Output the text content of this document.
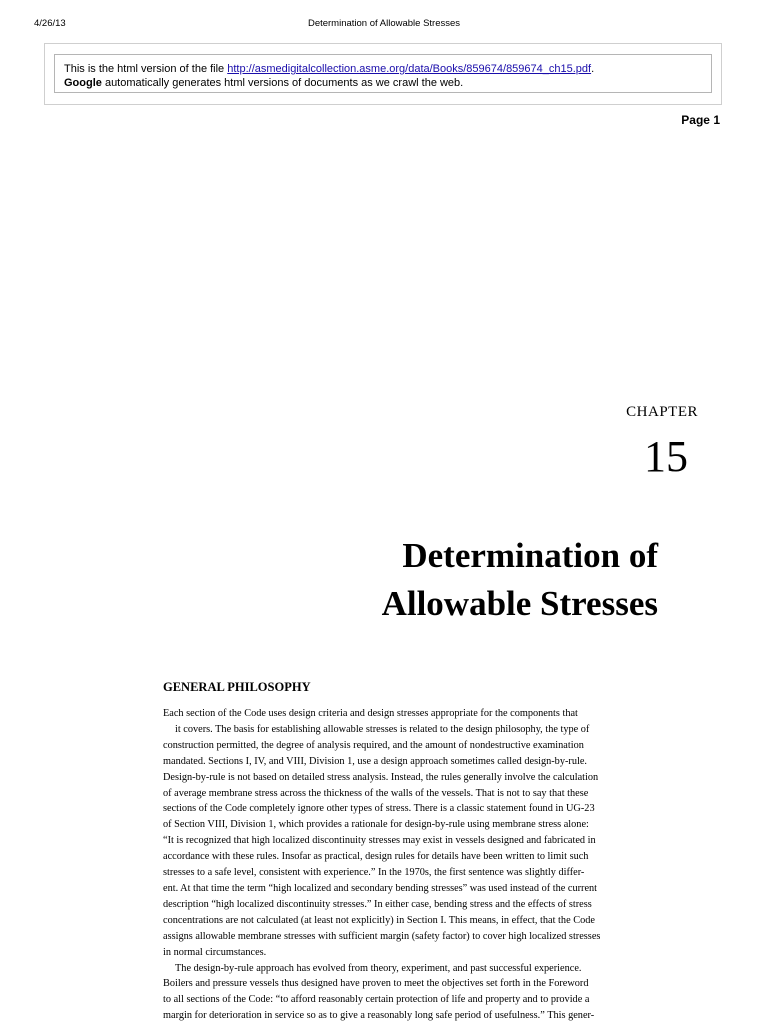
4/26/13	Determination of Allowable Stresses
This is the html version of the file http://asmedigitalcollection.asme.org/data/Books/859674/859674_ch15.pdf.
Google automatically generates html versions of documents as we crawl the web.
Page 1
CHAPTER
15
Determination of
Allowable Stresses
GENERAL PHILOSOPHY
Each section of the Code uses design criteria and design stresses appropriate for the components that
it covers. The basis for establishing allowable stresses is related to the design philosophy, the type of
construction permitted, the degree of analysis required, and the amount of nondestructive examination
mandated. Sections I, IV, and VIII, Division 1, use a design approach sometimes called design-by-rule.
Design-by-rule is not based on detailed stress analysis. Instead, the rules generally involve the calculation
of average membrane stress across the thickness of the walls of the vessels. That is not to say that these
sections of the Code completely ignore other types of stress. There is a classic statement found in UG-23
of Section VIII, Division 1, which provides a rationale for design-by-rule using membrane stress alone:
“It is recognized that high localized discontinuity stresses may exist in vessels designed and fabricated in
accordance with these rules. Insofar as practical, design rules for details have been written to limit such
stresses to a safe level, consistent with experience.” In the 1970s, the first sentence was slightly differ-
ent. At that time the term “high localized and secondary bending stresses” was used instead of the current
description “high localized discontinuity stresses.” In either case, bending stress and the effects of stress
concentrations are not calculated (at least not explicitly) in Section I. This means, in effect, that the Code
assigns allowable membrane stresses with sufficient margin (safety factor) to cover high localized stresses
in normal circumstances.
The design-by-rule approach has evolved from theory, experiment, and past successful experience.
Boilers and pressure vessels thus designed have proven to meet the objectives set forth in the Foreword
to all sections of the Code: “to afford reasonably certain protection of life and property and to provide a
margin for deterioration in service so as to give a reasonably long safe period of usefulness.” This gener-
